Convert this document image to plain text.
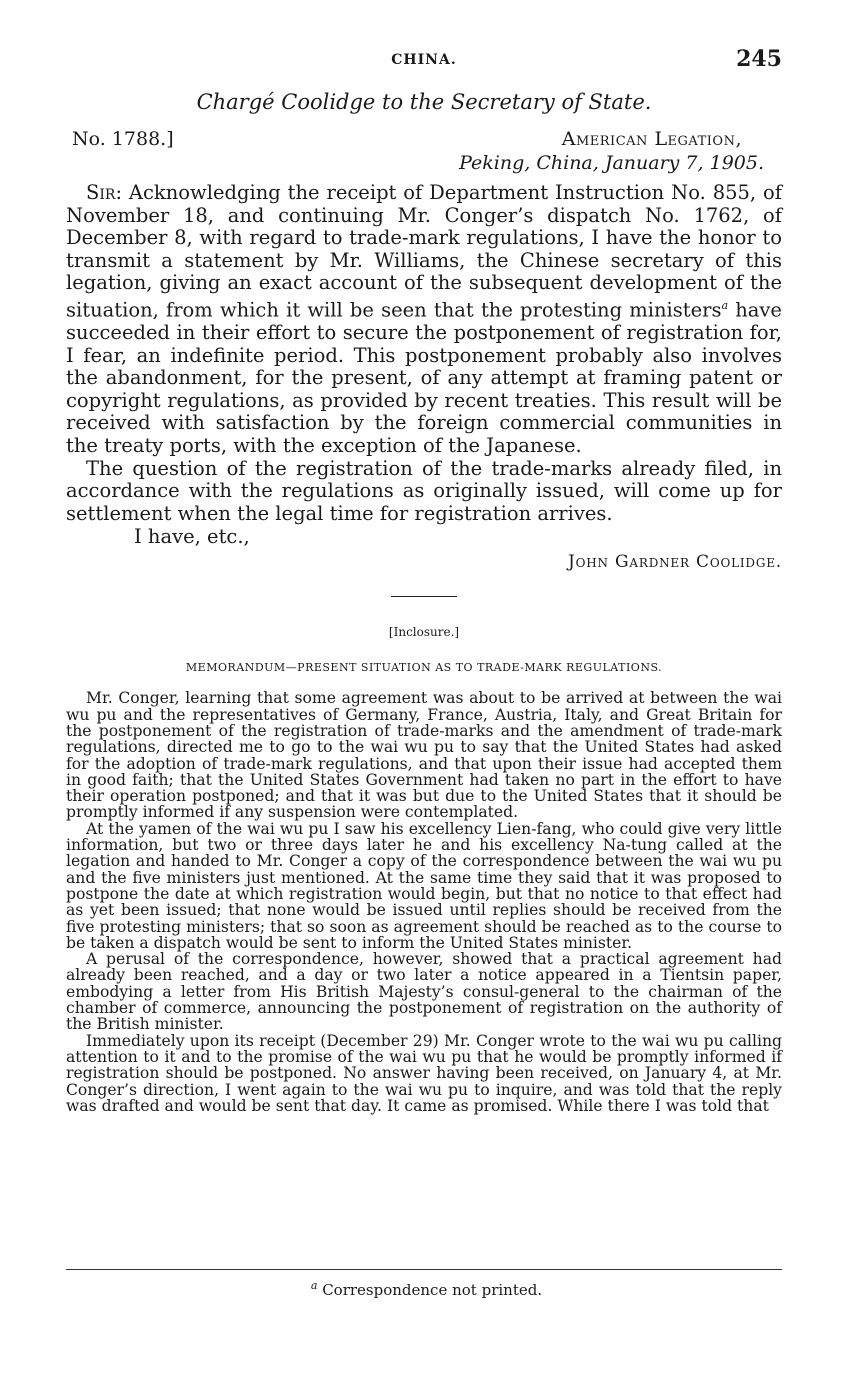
CHINA.	245
Chargé Coolidge to the Secretary of State.
No. 1788.]	American Legation,
Peking, China, January 7, 1905.

Sir: Acknowledging the receipt of Department Instruction No. 855, of November 18, and continuing Mr. Conger’s dispatch No. 1762, of December 8, with regard to trade-mark regulations, I have the honor to transmit a statement by Mr. Williams, the Chinese secretary of this legation, giving an exact account of the subsequent development of the situation, from which it will be seen that the protesting ministers$^a$ have succeeded in their effort to secure the postponement of registration for, I fear, an indefinite period. This postponement probably also involves the abandonment, for the present, of any attempt at framing patent or copyright regulations, as provided by recent treaties. This result will be received with satisfaction by the foreign commercial communities in the treaty ports, with the exception of the Japanese.

The question of the registration of the trade-marks already filed, in accordance with the regulations as originally issued, will come up for settlement when the legal time for registration arrives.

I have, etc.,
John Gardner Coolidge.
[Inclosure.]
MEMORANDUM—PRESENT SITUATION AS TO TRADE-MARK REGULATIONS.

Mr. Conger, learning that some agreement was about to be arrived at between the wai wu pu and the representatives of Germany, France, Austria, Italy, and Great Britain for the postponement of the registration of trade-marks and the amendment of trade-mark regulations, directed me to go to the wai wu pu to say that the United States had asked for the adoption of trade-mark regulations, and that upon their issue had accepted them in good faith; that the United States Government had taken no part in the effort to have their operation postponed; and that it was but due to the United States that it should be promptly informed if any suspension were contemplated.

At the yamen of the wai wu pu I saw his excellency Lien-fang, who could give very little information, but two or three days later he and his excellency Na-tung called at the legation and handed to Mr. Conger a copy of the correspondence between the wai wu pu and the five ministers just mentioned. At the same time they said that it was proposed to postpone the date at which registration would begin, but that no notice to that effect had as yet been issued; that none would be issued until replies should be received from the five protesting ministers; that so soon as agreement should be reached as to the course to be taken a dispatch would be sent to inform the United States minister.

A perusal of the correspondence, however, showed that a practical agreement had already been reached, and a day or two later a notice appeared in a Tientsin paper, embodying a letter from His British Majesty’s consul-general to the chairman of the chamber of commerce, announcing the postponement of registration on the authority of the British minister.

Immediately upon its receipt (December 29) Mr. Conger wrote to the wai wu pu calling attention to it and to the promise of the wai wu pu that he would be promptly informed if registration should be postponed. No answer having been received, on January 4, at Mr. Conger’s direction, I went again to the wai wu pu to inquire, and was told that the reply was drafted and would be sent that day. It came as promised. While there I was told that

$^a$ Correspondence not printed.
